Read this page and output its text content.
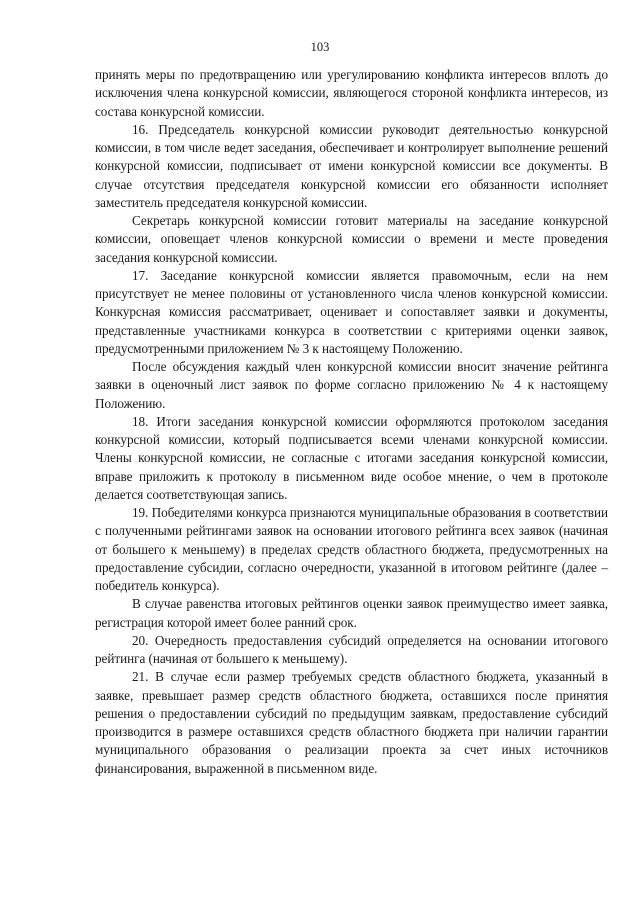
103

принять меры по предотвращению или урегулированию конфликта интересов вплоть до исключения члена конкурсной комиссии, являющегося стороной конфликта интересов, из состава конкурсной комиссии.

16. Председатель конкурсной комиссии руководит деятельностью конкурсной комиссии, в том числе ведет заседания, обеспечивает и контролирует выполнение решений конкурсной комиссии, подписывает от имени конкурсной комиссии все документы. В случае отсутствия председателя конкурсной комиссии его обязанности исполняет заместитель председателя конкурсной комиссии.

Секретарь конкурсной комиссии готовит материалы на заседание конкурсной комиссии, оповещает членов конкурсной комиссии о времени и месте проведения заседания конкурсной комиссии.

17. Заседание конкурсной комиссии является правомочным, если на нем присутствует не менее половины от установленного числа членов конкурсной комиссии. Конкурсная комиссия рассматривает, оценивает и сопоставляет заявки и документы, представленные участниками конкурса в соответствии с критериями оценки заявок, предусмотренными приложением № 3 к настоящему Положению.

После обсуждения каждый член конкурсной комиссии вносит значение рейтинга заявки в оценочный лист заявок по форме согласно приложению № 4 к настоящему Положению.

18. Итоги заседания конкурсной комиссии оформляются протоколом заседания конкурсной комиссии, который подписывается всеми членами конкурсной комиссии. Члены конкурсной комиссии, не согласные с итогами заседания конкурсной комиссии, вправе приложить к протоколу в письменном виде особое мнение, о чем в протоколе делается соответствующая запись.

19. Победителями конкурса признаются муниципальные образования в соответствии с полученными рейтингами заявок на основании итогового рейтинга всех заявок (начиная от большего к меньшему) в пределах средств областного бюджета, предусмотренных на предоставление субсидии, согласно очередности, указанной в итоговом рейтинге (далее – победитель конкурса).

В случае равенства итоговых рейтингов оценки заявок преимущество имеет заявка, регистрация которой имеет более ранний срок.

20. Очередность предоставления субсидий определяется на основании итогового рейтинга (начиная от большего к меньшему).

21. В случае если размер требуемых средств областного бюджета, указанный в заявке, превышает размер средств областного бюджета, оставшихся после принятия решения о предоставлении субсидий по предыдущим заявкам, предоставление субсидий производится в размере оставшихся средств областного бюджета при наличии гарантии муниципального образования о реализации проекта за счет иных источников финансирования, выраженной в письменном виде.
